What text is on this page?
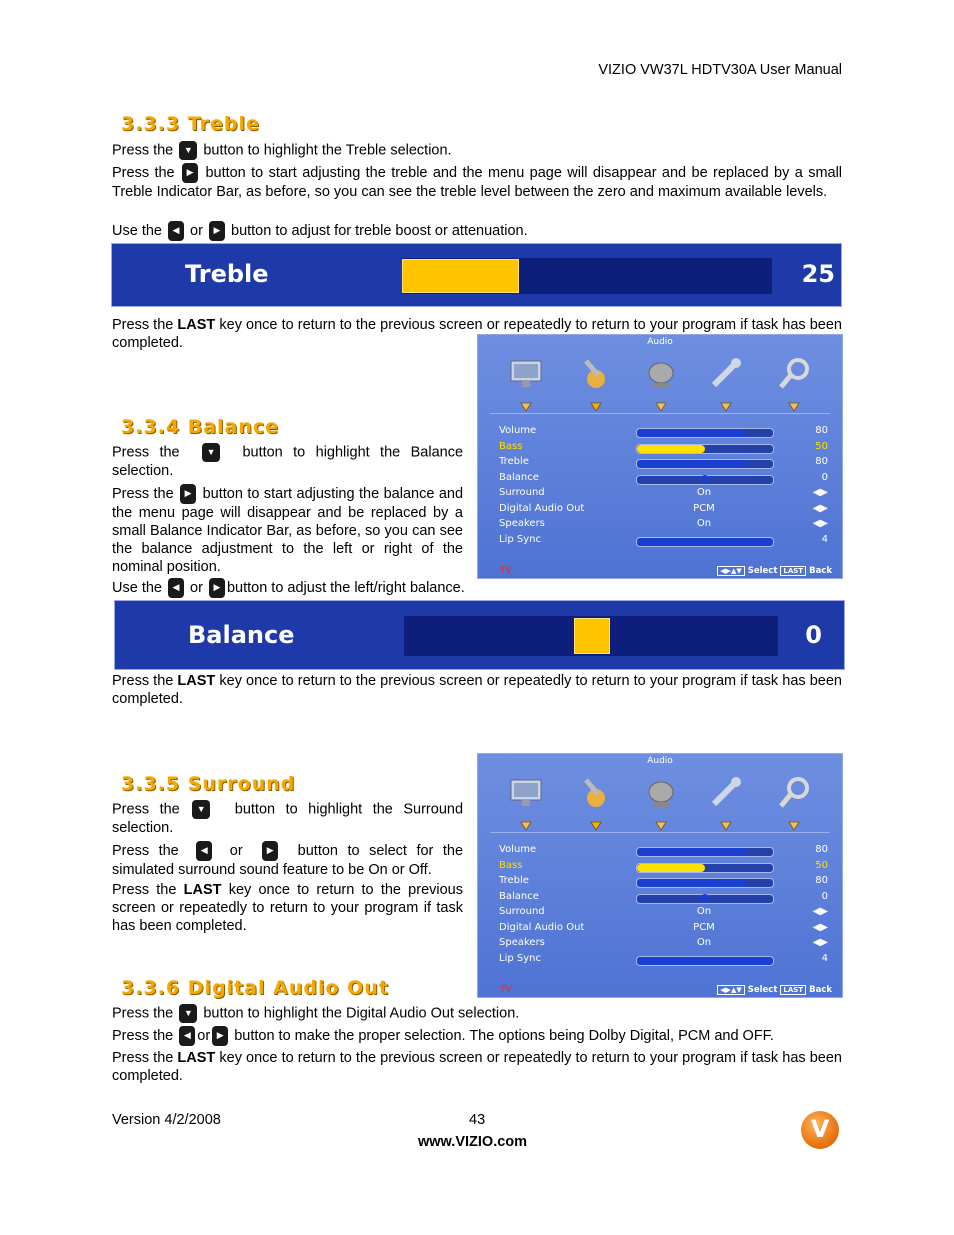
VIZIO VW37L HDTV30A User Manual
3.3.3 Treble

Press the ▼ button to highlight the Treble selection.

Press the ▶ button to start adjusting the treble and the menu page will disappear and be replaced by a small Treble Indicator Bar, as before, so you can see the treble level between the zero and maximum available levels.

Use the ◀ or ▶ button to adjust for treble boost or attenuation.

Treble	25

Press the LAST key once to return to the previous screen or repeatedly to return to your program if task has been completed.	Audio
Volume	80
Bass	50
Treble	80
Balance	0
Surround	On	◀▶
Digital Audio Out	PCM	◀▶
Speakers	On	◀▶
Lip Sync	4
TV	◀▶▲▼ Select LAST Back
3.3.4 Balance

Press the	▼ button to highlight the Balance selection.

Press the ▶ button to start adjusting the balance and the menu page will disappear and be replaced by a small Balance Indicator Bar, as before, so you can see the balance adjustment to the left or right of the nominal position.

Use the ◀ or ▶ button to adjust the left/right balance.

Balance	0

Press the LAST key once to return to the previous screen or repeatedly to return to your program if task has been completed.

Audio
Volume	80
Bass	50
Treble	80
Balance	0
Surround	On	◀▶
Digital Audio Out	PCM	◀▶
Speakers	On	◀▶
Lip Sync	4
TV	◀▶▲▼ Select LAST Back
3.3.5 Surround

Press the ▼ button to highlight the Surround selection.

Press the ◀ or ▶ button to select for the simulated surround sound feature to be On or Off.

Press the LAST key once to return to the previous screen or repeatedly to return to your program if task has been completed.

3.3.6 Digital Audio Out

Press the ▼ button to highlight the Digital Audio Out selection.

Press the ◀ or ▶ button to make the proper selection. The options being Dolby Digital, PCM and OFF.

Press the LAST key once to return to the previous screen or repeatedly to return to your program if task has been completed.

Version 4/2/2008	43
www.VIZIO.com	V
